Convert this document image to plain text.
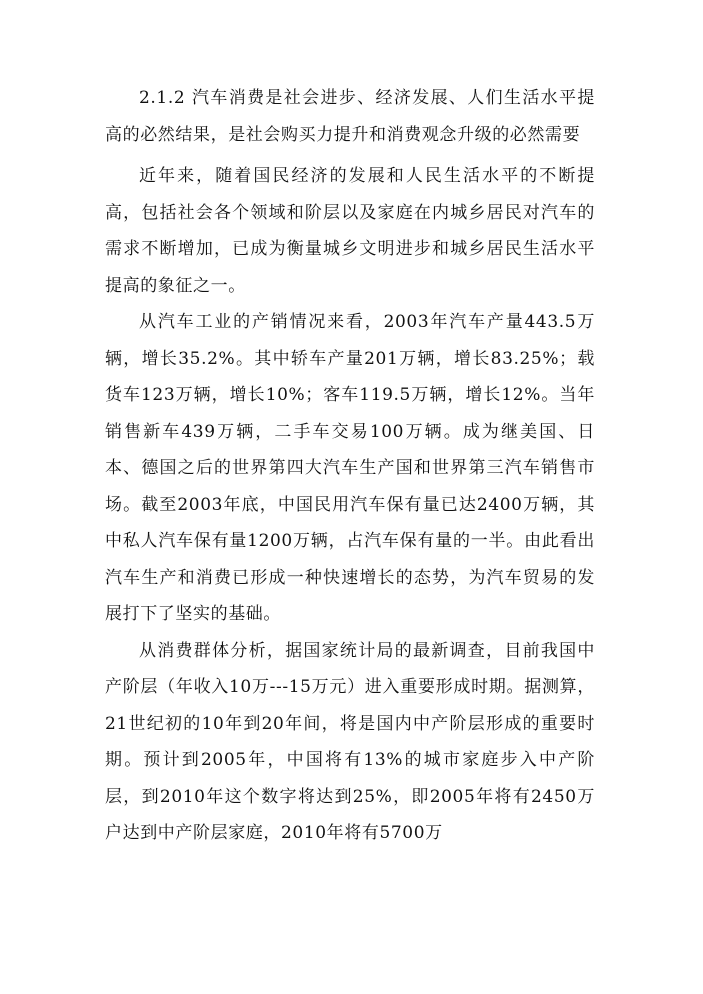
2.1.2 汽车消费是社会进步、经济发展、人们生活水平提高的必然结果，是社会购买力提升和消费观念升级的必然需要

近年来，随着国民经济的发展和人民生活水平的不断提高，包括社会各个领域和阶层以及家庭在内城乡居民对汽车的需求不断增加，已成为衡量城乡文明进步和城乡居民生活水平提高的象征之一。

从汽车工业的产销情况来看，2003年汽车产量443.5万辆，增长35.2%。其中轿车产量201万辆，增长83.25%；载货车123万辆，增长10%；客车119.5万辆，增长12%。当年销售新车439万辆，二手车交易100万辆。成为继美国、日本、德国之后的世界第四大汽车生产国和世界第三汽车销售市场。截至2003年底，中国民用汽车保有量已达2400万辆，其中私人汽车保有量1200万辆，占汽车保有量的一半。由此看出汽车生产和消费已形成一种快速增长的态势，为汽车贸易的发展打下了坚实的基础。

从消费群体分析，据国家统计局的最新调查，目前我国中产阶层（年收入10万---15万元）进入重要形成时期。据测算，21世纪初的10年到20年间，将是国内中产阶层形成的重要时期。预计到2005年，中国将有13%的城市家庭步入中产阶层，到2010年这个数字将达到25%，即2005年将有2450万户达到中产阶层家庭，2010年将有5700万
